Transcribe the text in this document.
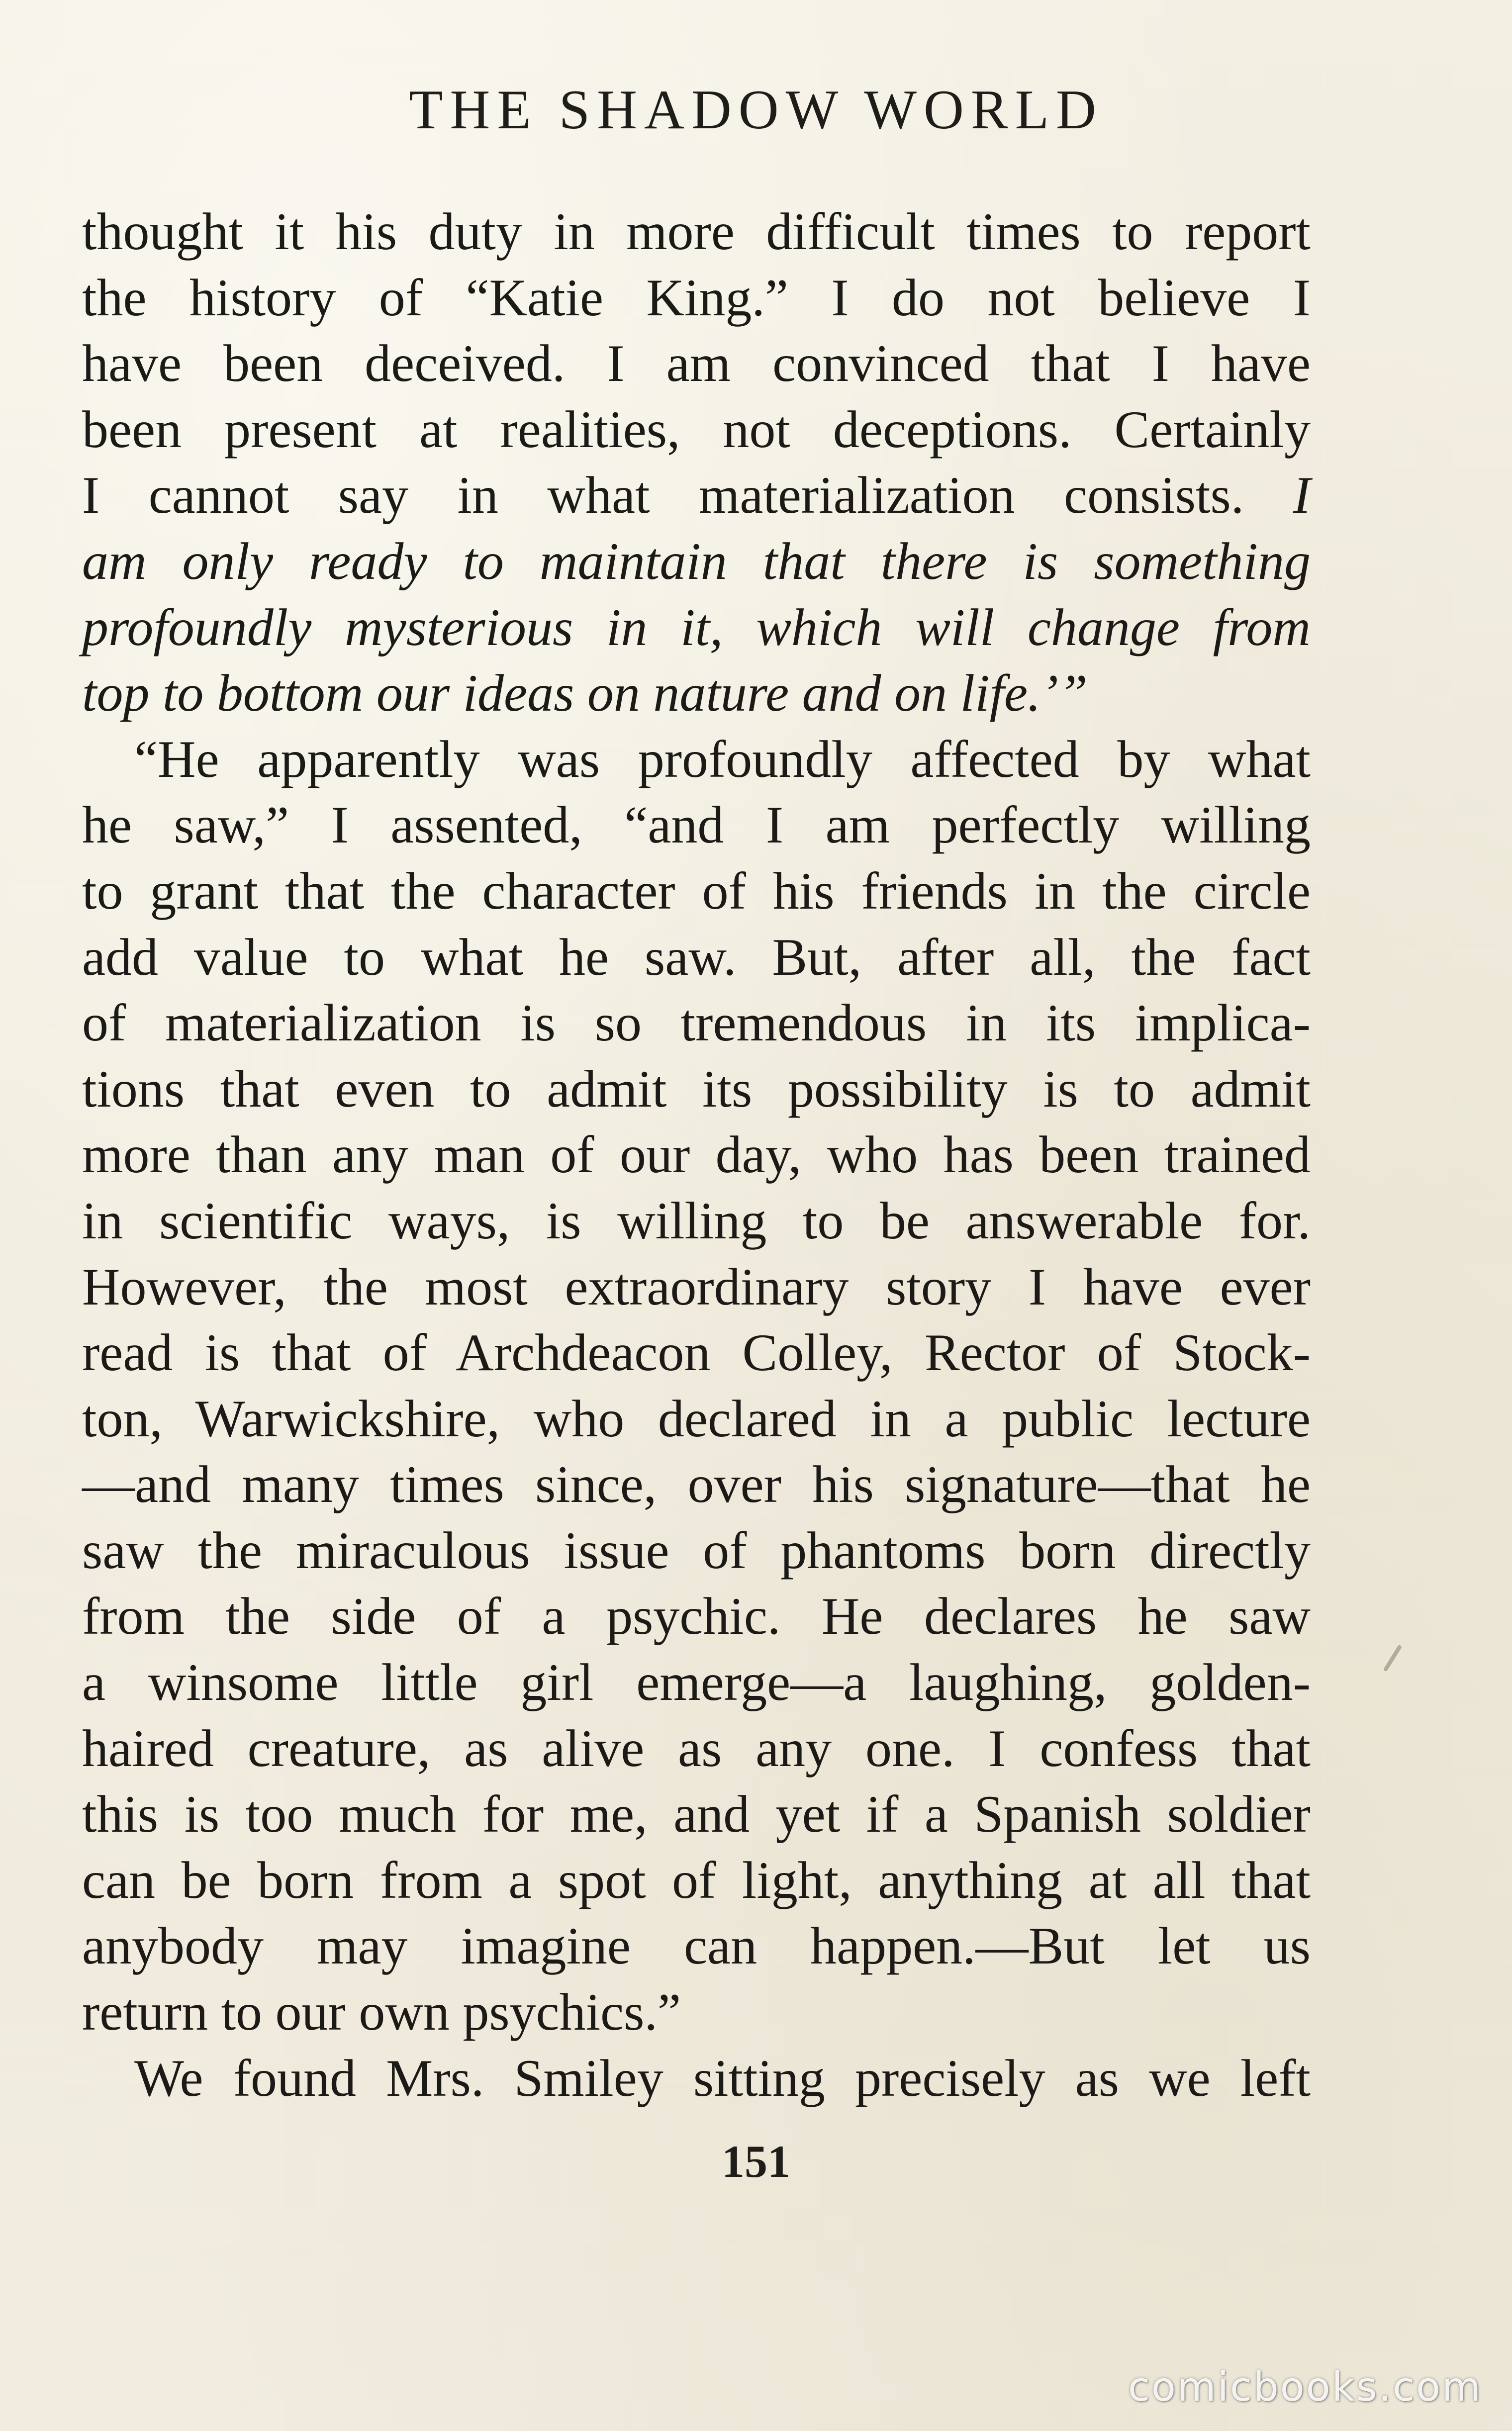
THE SHADOW WORLD
thought it his duty in more difficult times to report
the history of “Katie King.” I do not believe I
have been deceived. I am convinced that I have
been present at realities, not deceptions. Certainly
I cannot say in what materialization consists. I
am only ready to maintain that there is something
profoundly mysterious in it, which will change from
top to bottom our ideas on nature and on life.’”
“He apparently was profoundly affected by what
he saw,” I assented, “and I am perfectly willing
to grant that the character of his friends in the circle
add value to what he saw. But, after all, the fact
of materialization is so tremendous in its implica-
tions that even to admit its possibility is to admit
more than any man of our day, who has been trained
in scientific ways, is willing to be answerable for.
However, the most extraordinary story I have ever
read is that of Archdeacon Colley, Rector of Stock-
ton, Warwickshire, who declared in a public lecture
—and many times since, over his signature—that he
saw the miraculous issue of phantoms born directly
from the side of a psychic. He declares he saw
a winsome little girl emerge—a laughing, golden-
haired creature, as alive as any one. I confess that
this is too much for me, and yet if a Spanish soldier
can be born from a spot of light, anything at all that
anybody may imagine can happen.—But let us
return to our own psychics.”
We found Mrs. Smiley sitting precisely as we left
151
comicbooks.com
